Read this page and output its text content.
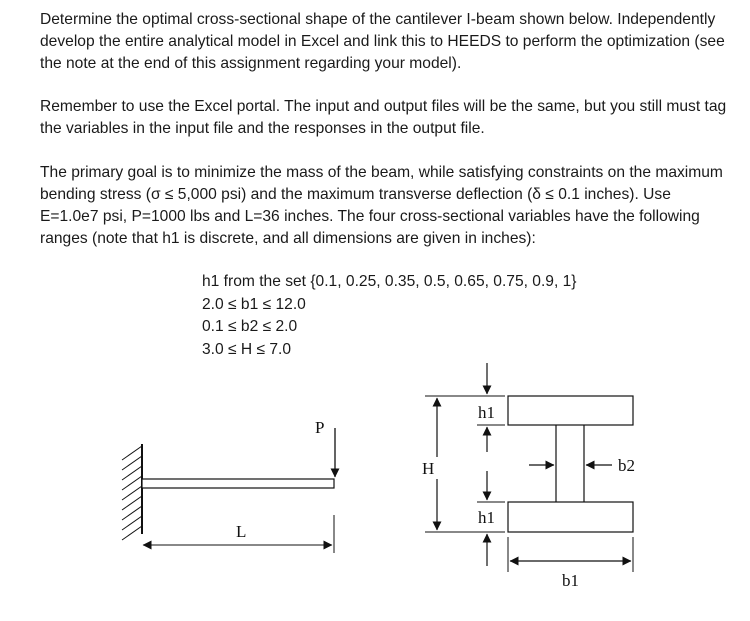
Determine the optimal cross-sectional shape of the cantilever I-beam shown below. Independently develop the entire analytical model in Excel and link this to HEEDS to perform the optimization (see the note at the end of this assignment regarding your model).

Remember to use the Excel portal. The input and output files will be the same, but you still must tag the variables in the input file and the responses in the output file.

The primary goal is to minimize the mass of the beam, while satisfying constraints on the maximum bending stress (σ ≤ 5,000 psi) and the maximum transverse deflection (δ ≤ 0.1 inches). Use E=1.0e7 psi, P=1000 lbs and L=36 inches. The four cross-sectional variables have the following ranges (note that h1 is discrete, and all dimensions are given in inches):

h1 from the set {0.1, 0.25, 0.35, 0.5, 0.65, 0.75, 0.9, 1}
2.0 ≤ b1 ≤ 12.0
0.1 ≤ b2 ≤ 2.0
3.0 ≤ H ≤ 7.0
P
L
H
h1
h1
b2
b1
